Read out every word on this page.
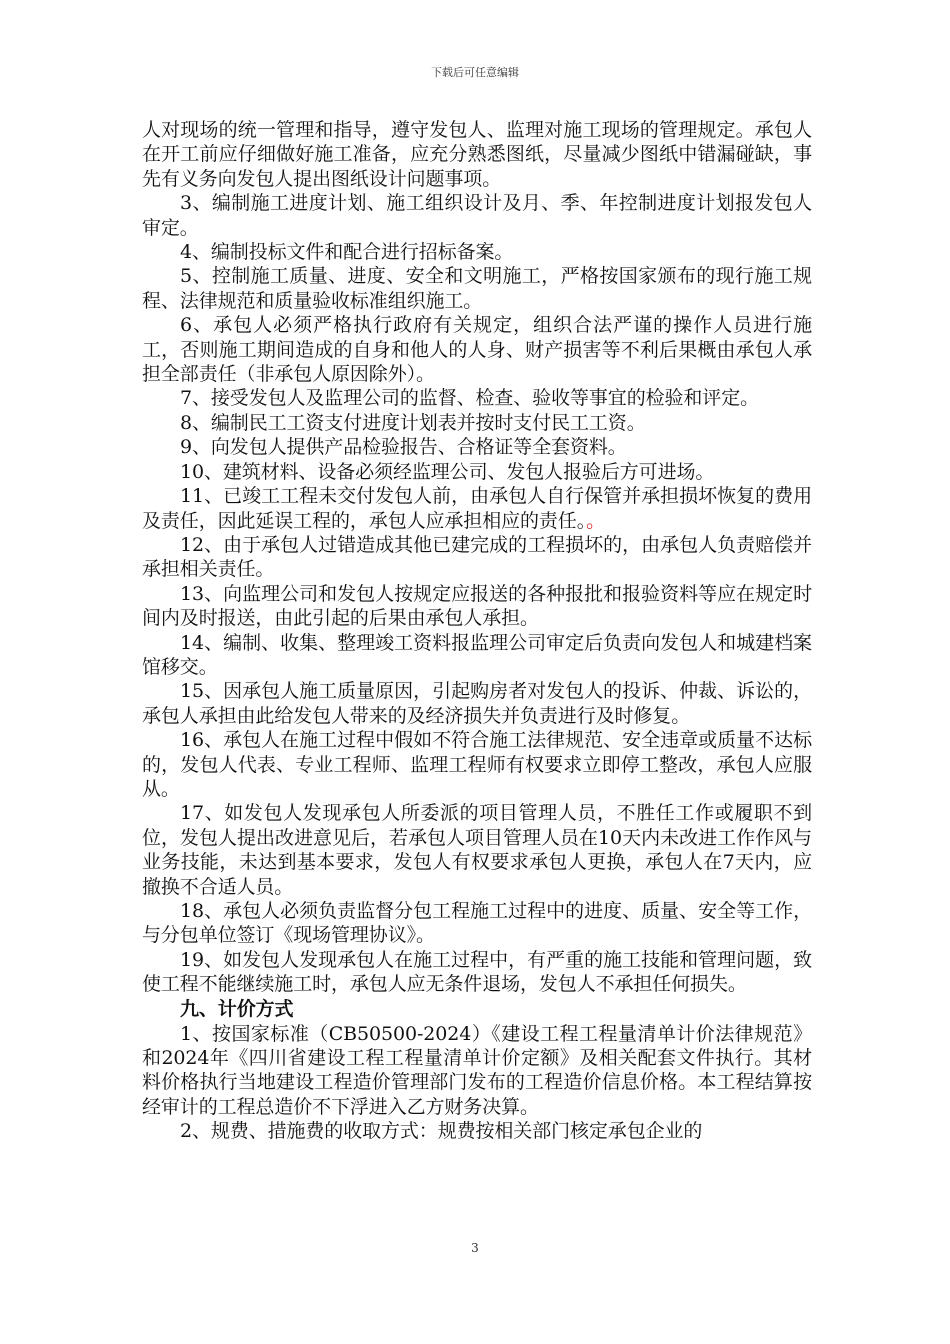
下载后可任意编辑

人对现场的统一管理和指导，遵守发包人、监理对施工现场的管理规定。承包人在开工前应仔细做好施工准备，应充分熟悉图纸，尽量减少图纸中错漏碰缺，事先有义务向发包人提出图纸设计问题事项。

3、编制施工进度计划、施工组织设计及月、季、年控制进度计划报发包人审定。

4、编制投标文件和配合进行招标备案。

5、控制施工质量、进度、安全和文明施工，严格按国家颁布的现行施工规程、法律规范和质量验收标准组织施工。

6、承包人必须严格执行政府有关规定，组织合法严谨的操作人员进行施工，否则施工期间造成的自身和他人的人身、财产损害等不利后果概由承包人承担全部责任（非承包人原因除外）。

7、接受发包人及监理公司的监督、检查、验收等事宜的检验和评定。

8、编制民工工资支付进度计划表并按时支付民工工资。

9、向发包人提供产品检验报告、合格证等全套资料。

10、建筑材料、设备必须经监理公司、发包人报验后方可进场。

11、已竣工工程未交付发包人前，由承包人自行保管并承担损坏恢复的费用及责任，因此延误工程的，承包人应承担相应的责任。。

12、由于承包人过错造成其他已建完成的工程损坏的，由承包人负责赔偿并承担相关责任。

13、向监理公司和发包人按规定应报送的各种报批和报验资料等应在规定时间内及时报送，由此引起的后果由承包人承担。

14、编制、收集、整理竣工资料报监理公司审定后负责向发包人和城建档案馆移交。

15、因承包人施工质量原因，引起购房者对发包人的投诉、仲裁、诉讼的，承包人承担由此给发包人带来的及经济损失并负责进行及时修复。

16、承包人在施工过程中假如不符合施工法律规范、安全违章或质量不达标的，发包人代表、专业工程师、监理工程师有权要求立即停工整改，承包人应服从。

17、如发包人发现承包人所委派的项目管理人员，不胜任工作或履职不到位，发包人提出改进意见后，若承包人项目管理人员在10天内未改进工作作风与业务技能，未达到基本要求，发包人有权要求承包人更换，承包人在7天内，应撤换不合适人员。

18、承包人必须负责监督分包工程施工过程中的进度、质量、安全等工作，与分包单位签订《现场管理协议》。

19、如发包人发现承包人在施工过程中，有严重的施工技能和管理问题，致使工程不能继续施工时，承包人应无条件退场，发包人不承担任何损失。

九、计价方式

1、按国家标准（CB50500-2024）《建设工程工程量清单计价法律规范》和2024年《四川省建设工程工程量清单计价定额》及相关配套文件执行。其材料价格执行当地建设工程造价管理部门发布的工程造价信息价格。本工程结算按经审计的工程总造价不下浮进入乙方财务决算。

2、规费、措施费的收取方式：规费按相关部门核定承包企业的

3
